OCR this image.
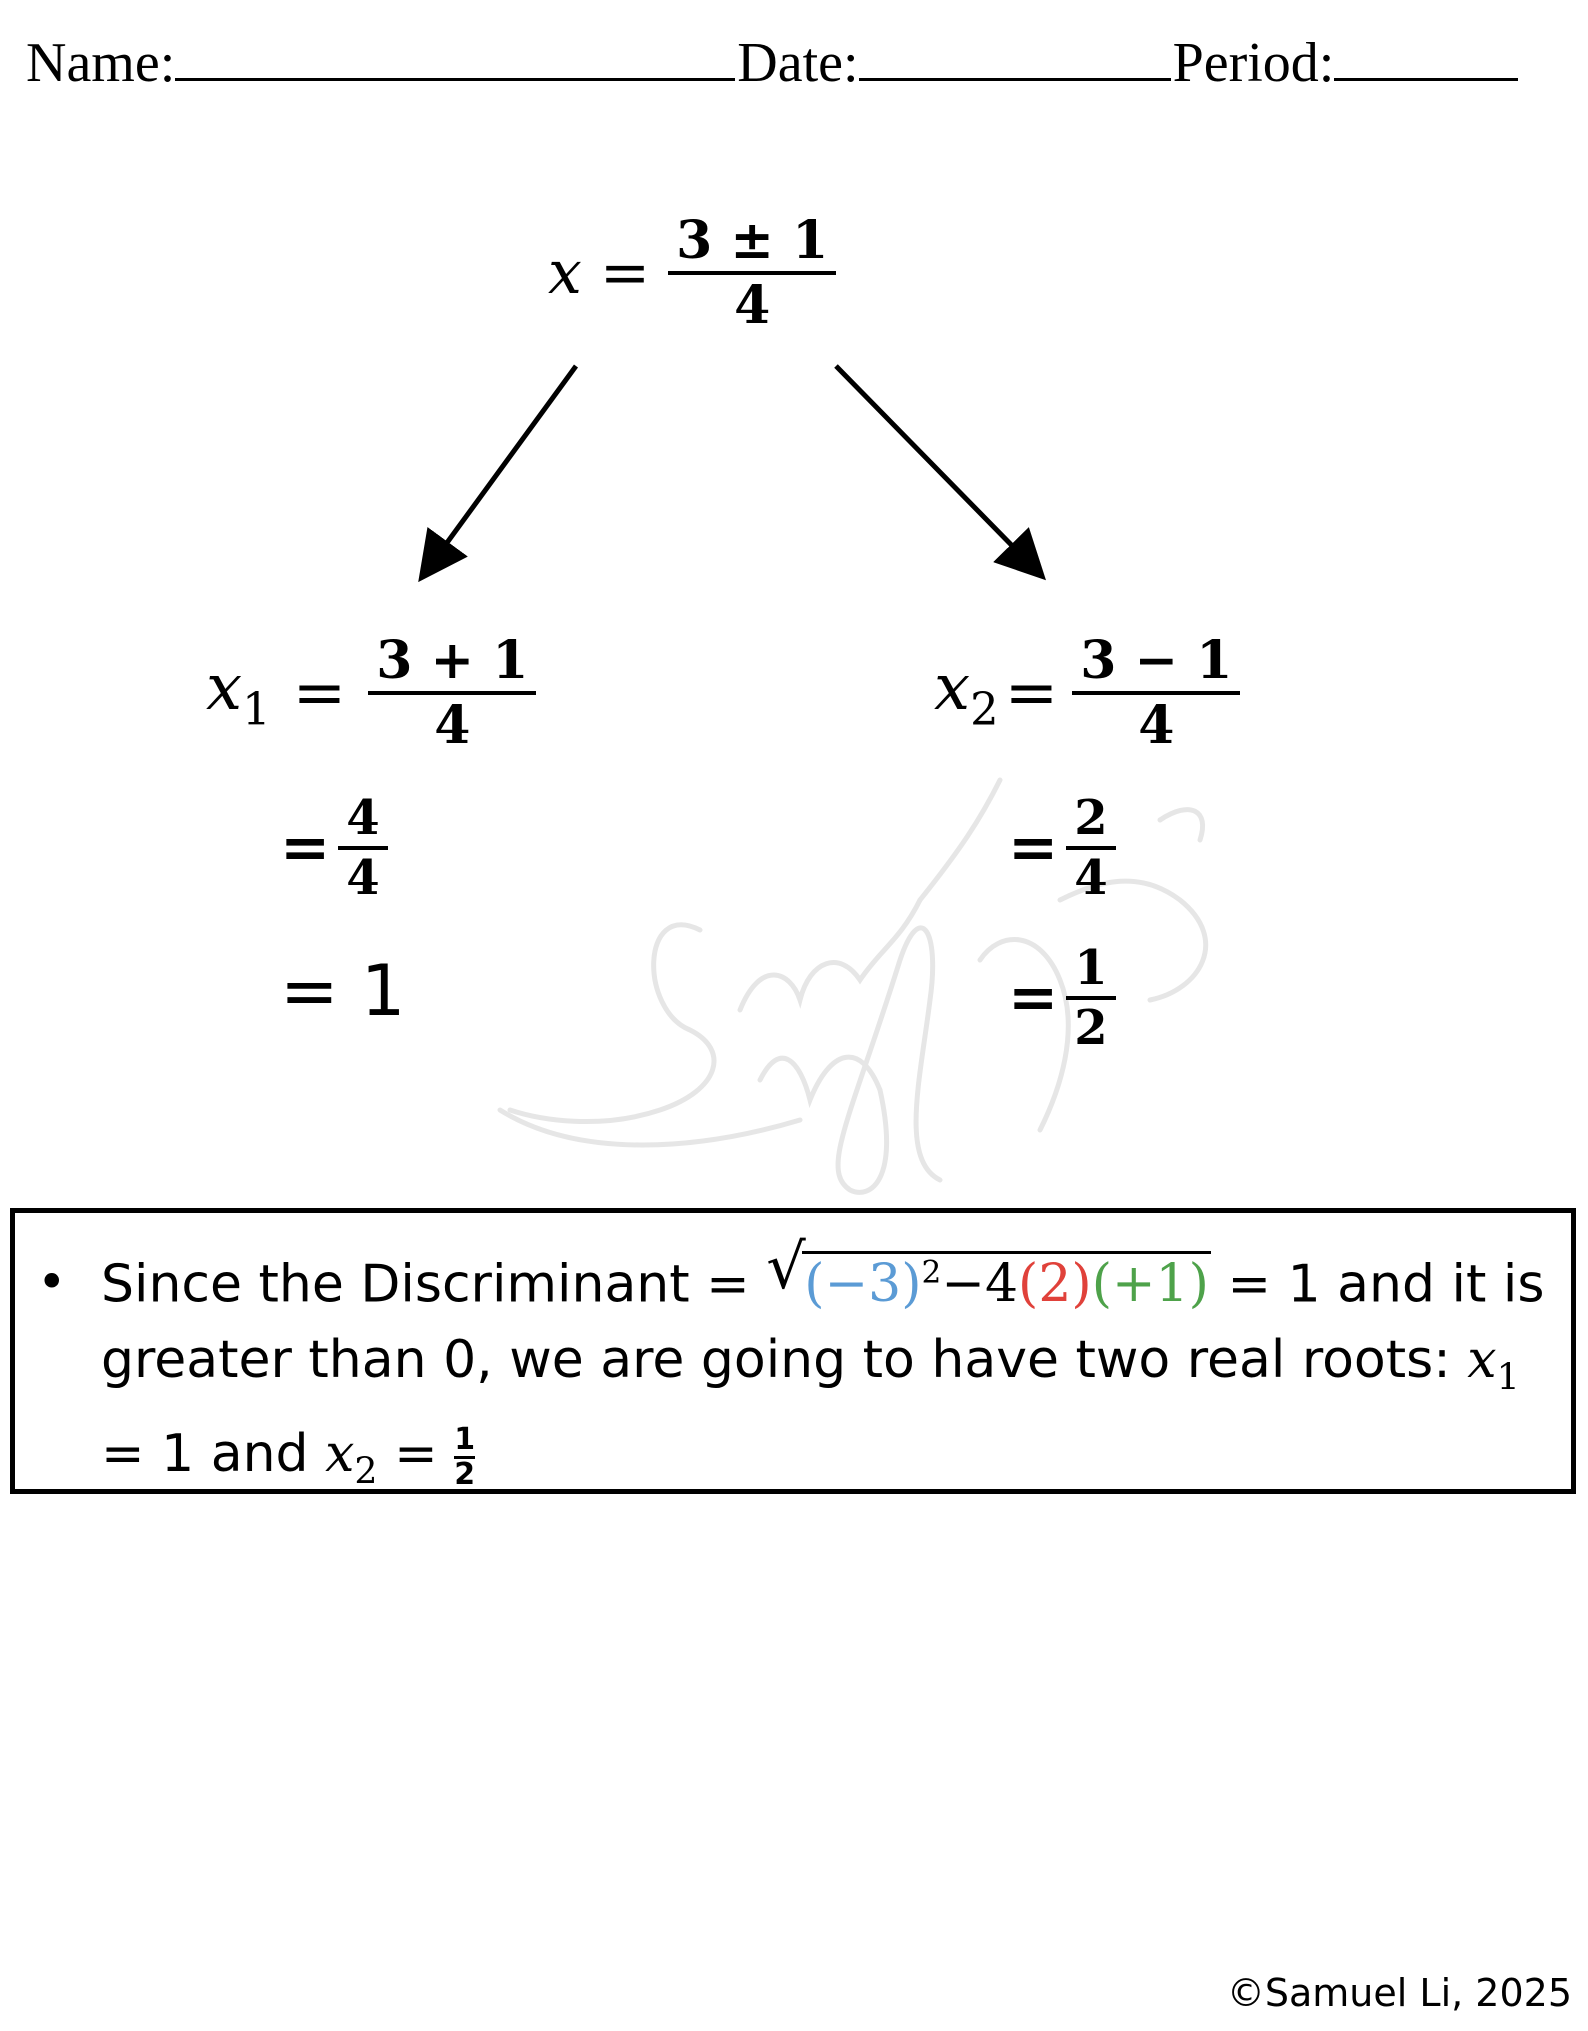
Name:	Date:	Period:
$x = \frac{3 \pm 1}{4}$
$x_1 = \frac{3 + 1}{4}$
= $\frac{4}{4}$
= 1
$x_2 = \frac{3 - 1}{4}$
= $\frac{2}{4}$
= $\frac{1}{2}$
• Since the Discriminant = √
$(-3)^2-4(2)(+1) = 1$ and it is greater than 0, we are going to have two real roots: $x_1 = 1$ and $x_2 = \frac{1}{2}$
©Samuel Li, 2025
